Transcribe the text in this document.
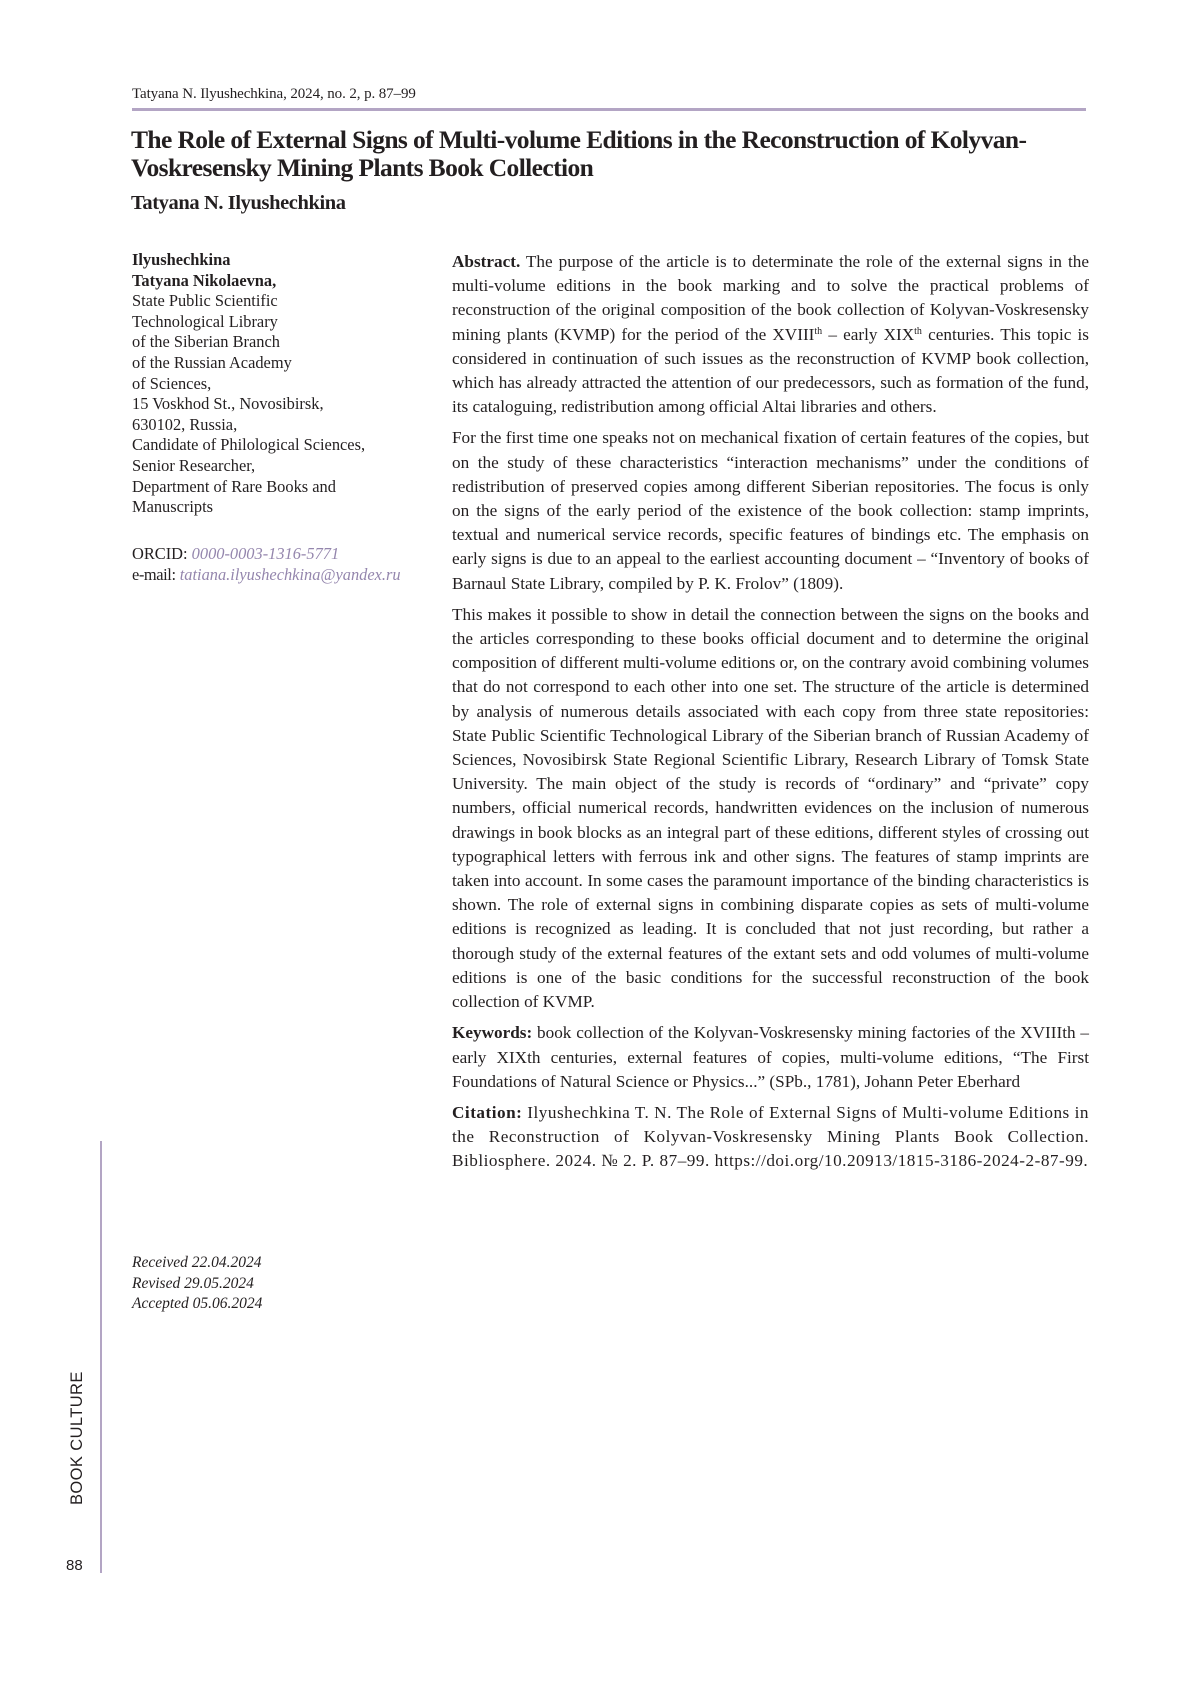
Tatyana N. Ilyushechkina, 2024, no. 2, p. 87–99
The Role of External Signs of Multi-volume Editions in the Reconstruction of Kolyvan-Voskresensky Mining Plants Book Collection
Tatyana N. Ilyushechkina
Ilyushechkina
Tatyana Nikolaevna,
State Public Scientific
Technological Library
of the Siberian Branch
of the Russian Academy
of Sciences,
15 Voskhod St., Novosibirsk,
630102, Russia,
Candidate of Philological Sciences,
Senior Researcher,
Department of Rare Books and
Manuscripts
ORCID: 0000-0003-1316-5771
e-mail: tatiana.ilyushechkina@yandex.ru
Received 22.04.2024
Revised 29.05.2024
Accepted 05.06.2024
BOOK CULTURE
88

Abstract. The purpose of the article is to determinate the role of the external signs in the multi-volume editions in the book marking and to solve the practical problems of reconstruction of the original composition of the book collection of Kolyvan-Voskresensky mining plants (KVMP) for the period of the XVIIIth – early XIXth centuries. This topic is considered in continuation of such issues as the reconstruction of KVMP book collection, which has already attracted the attention of our predecessors, such as formation of the fund, its cataloguing, redistribution among official Altai libraries and others.

For the first time one speaks not on mechanical fixation of certain features of the copies, but on the study of these characteristics “interaction mechanisms” under the conditions of redistribution of preserved copies among different Siberian repositories. The focus is only on the signs of the early period of the existence of the book collection: stamp imprints, textual and numerical service records, specific features of bindings etc. The emphasis on early signs is due to an appeal to the earliest accounting document – “Inventory of books of Barnaul State Library, compiled by P. K. Frolov” (1809).

This makes it possible to show in detail the connection between the signs on the books and the articles corresponding to these books official document and to determine the original composition of different multi-volume editions or, on the contrary avoid combining volumes that do not correspond to each other into one set. The structure of the article is determined by analysis of numerous details associated with each copy from three state repositories: State Public Scientific Technological Library of the Siberian branch of Russian Academy of Sciences, Novosibirsk State Regional Scientific Library, Research Library of Tomsk State University. The main object of the study is records of “ordinary” and “private” copy numbers, official numerical records, handwritten evidences on the inclusion of numerous drawings in book blocks as an integral part of these editions, different styles of crossing out typographical letters with ferrous ink and other signs. The features of stamp imprints are taken into account. In some cases the paramount importance of the binding characteristics is shown. The role of external signs in combining disparate copies as sets of multi-volume editions is recognized as leading. It is concluded that not just recording, but rather a thorough study of the external features of the extant sets and odd volumes of multi-volume editions is one of the basic conditions for the successful reconstruction of the book collection of KVMP.

Keywords: book collection of the Kolyvan-Voskresensky mining factories of the XVIIIth – early XIXth centuries, external features of copies, multi-volume editions, “The First Foundations of Natural Science or Physics...” (SPb., 1781), Johann Peter Eberhard

Citation: Ilyushechkina T. N. The Role of External Signs of Multi-volume Editions in the Reconstruction of Kolyvan-Voskresensky Mining Plants Book Collection. Bibliosphere. 2024. № 2. P. 87–99. https://doi.org/10.20913/1815-3186-2024-2-87-99.
